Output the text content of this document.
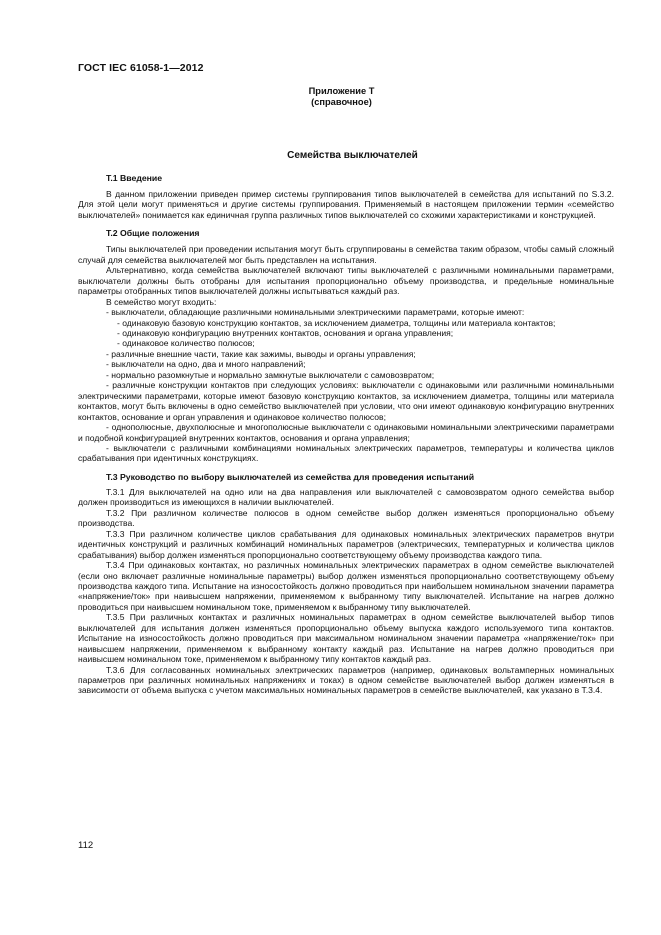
ГОСТ IEC 61058-1—2012
Приложение Т
(справочное)
Семейства выключателей
Т.1 Введение

В данном приложении приведен пример системы группирования типов выключателей в семейства для испытаний по S.3.2. Для этой цели могут применяться и другие системы группирования. Применяемый в настоящем приложении термин «семейство выключателей» понимается как единичная группа различных типов выключателей со схожими характеристиками и конструкцией.

Т.2 Общие положения

Типы выключателей при проведении испытания могут быть сгруппированы в семейства таким образом, чтобы самый сложный случай для семейства выключателей мог быть представлен на испытания.

Альтернативно, когда семейства выключателей включают типы выключателей с различными номинальными параметрами, выключатели должны быть отобраны для испытания пропорционально объему производства, и предельные номинальные параметры отобранных типов выключателей должны испытываться каждый раз.

В семейство могут входить:

- выключатели, обладающие различными номинальными электрическими параметрами, которые имеют:

- одинаковую базовую конструкцию контактов, за исключением диаметра, толщины или материала контактов;

- одинаковую конфигурацию внутренних контактов, основания и органа управления;

- одинаковое количество полюсов;

- различные внешние части, такие как зажимы, выводы и органы управления;

- выключатели на одно, два и много направлений;

- нормально разомкнутые и нормально замкнутые выключатели с самовозвратом;

- различные конструкции контактов при следующих условиях: выключатели с одинаковыми или различными номинальными электрическими параметрами, которые имеют базовую конструкцию контактов, за исключением диаметра, толщины или материала контактов, могут быть включены в одно семейство выключателей при условии, что они имеют одинаковую конфигурацию внутренних контактов, основание и орган управления и одинаковое количество полюсов;

- однополюсные, двухполюсные и многополюсные выключатели с одинаковыми номинальными электрическими параметрами и подобной конфигурацией внутренних контактов, основания и органа управления;

- выключатели с различными комбинациями номинальных электрических параметров, температуры и количества циклов срабатывания при идентичных конструкциях.

Т.3 Руководство по выбору выключателей из семейства для проведения испытаний

Т.3.1 Для выключателей на одно или на два направления или выключателей с самовозвратом одного семейства выбор должен производиться из имеющихся в наличии выключателей.

Т.3.2 При различном количестве полюсов в одном семействе выбор должен изменяться пропорционально объему производства.

Т.3.3 При различном количестве циклов срабатывания для одинаковых номинальных электрических параметров внутри идентичных конструкций и различных комбинаций номинальных параметров (электрических, температурных и количества циклов срабатывания) выбор должен изменяться пропорционально соответствующему объему производства каждого типа.

Т.3.4 При одинаковых контактах, но различных номинальных электрических параметрах в одном семействе выключателей (если оно включает различные номинальные параметры) выбор должен изменяться пропорционально соответствующему объему производства каждого типа. Испытание на износостойкость должно проводиться при наибольшем номинальном значении параметра «напряжение/ток» при наивысшем напряжении, применяемом к выбранному типу выключателей. Испытание на нагрев должно проводиться при наивысшем номинальном токе, применяемом к выбранному типу выключателей.

Т.3.5 При различных контактах и различных номинальных параметрах в одном семействе выключателей выбор типов выключателей для испытания должен изменяться пропорционально объему выпуска каждого используемого типа контактов. Испытание на износостойкость должно проводиться при максимальном номинальном значении параметра «напряжение/ток» при наивысшем напряжении, применяемом к выбранному контакту каждый раз. Испытание на нагрев должно проводиться при наивысшем номинальном токе, применяемом к выбранному типу контактов каждый раз.

Т.3.6 Для согласованных номинальных электрических параметров (например, одинаковых вольтамперных номинальных параметров при различных номинальных напряжениях и токах) в одном семействе выключателей выбор должен изменяться в зависимости от объема выпуска с учетом максимальных номинальных параметров в семействе выключателей, как указано в Т.3.4.

112
